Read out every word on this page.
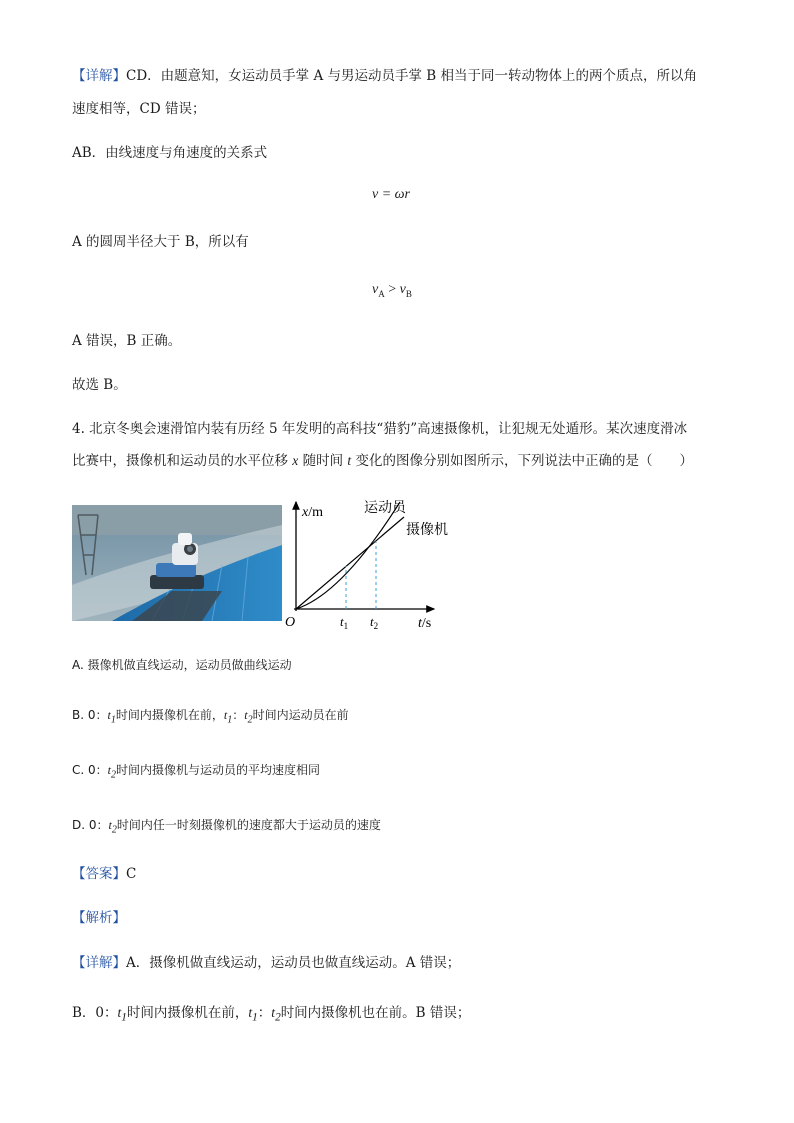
【详解】CD．由题意知，女运动员手掌 A 与男运动员手掌 B 相当于同一转动物体上的两个质点，所以角
速度相等，CD 错误；
AB．由线速度与角速度的关系式
v = ωr
A 的圆周半径大于 B，所以有
$v_A > v_B$
A 错误，B 正确。
故选 B。
4. 北京冬奥会速滑馆内装有历经 5 年发明的高科技“猎豹”高速摄像机，让犯规无处遁形。某次速度滑冰
比赛中，摄像机和运动员的水平位移 x 随时间 t 变化的图像分别如图所示，下列说法中正确的是（　　）
x/m
t/s
O	$t_1$ $t_2$
运动员
摄像机
A. 摄像机做直线运动，运动员做曲线运动
B. 0：$t_1$时间内摄像机在前，$t_1$：$t_2$时间内运动员在前
C. 0：$t_2$时间内摄像机与运动员的平均速度相同
D. 0：$t_2$时间内任一时刻摄像机的速度都大于运动员的速度
【答案】C
【解析】
【详解】A．摄像机做直线运动，运动员也做直线运动。A 错误；
B．0：$t_1$时间内摄像机在前，$t_1$：$t_2$时间内摄像机也在前。B 错误；
